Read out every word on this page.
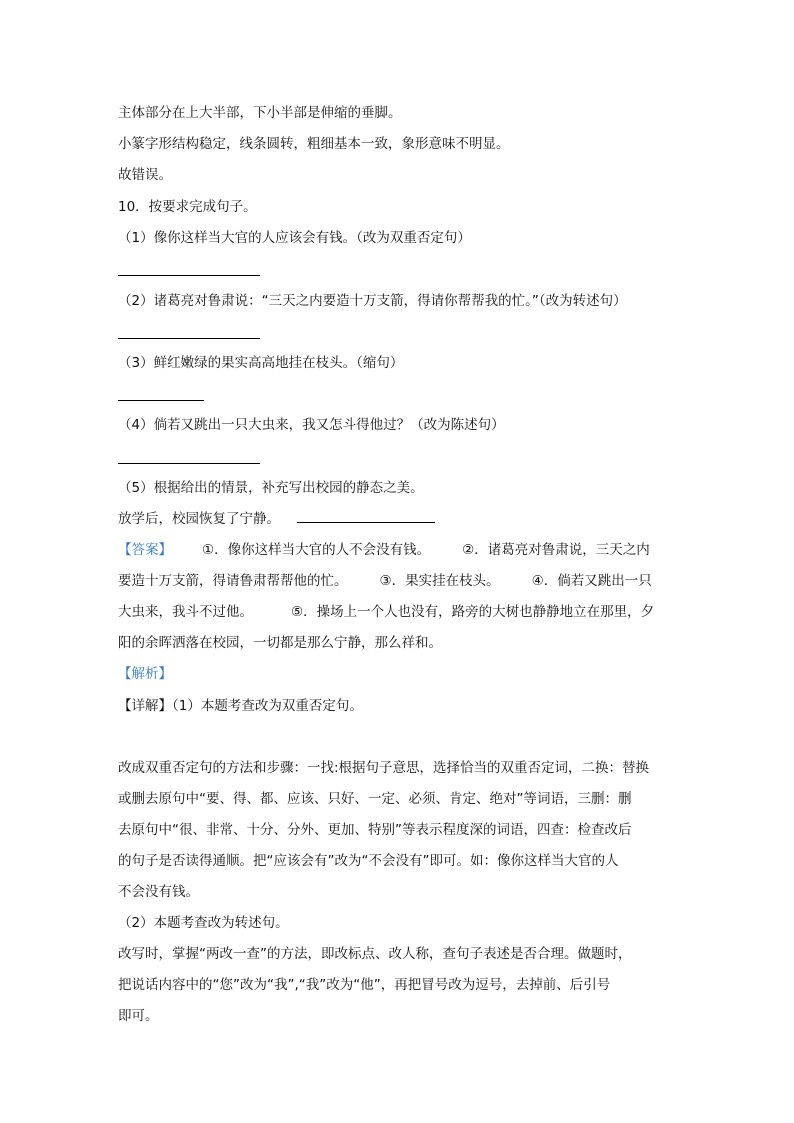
主体部分在上大半部，下小半部是伸缩的垂脚。
小篆字形结构稳定，线条圆转，粗细基本一致，象形意味不明显。
故错误。
10．按要求完成句子。
（1）像你这样当大官的人应该会有钱。（改为双重否定句）
（2）诸葛亮对鲁肃说：“三天之内要造十万支箭，得请你帮帮我的忙。”（改为转述句）
（3）鲜红嫩绿的果实高高地挂在枝头。（缩句）
（4）倘若又跳出一只大虫来，我又怎斗得他过？（改为陈述句）
（5）根据给出的情景，补充写出校园的静态之美。
放学后，校园恢复了宁静。
【答案】 ①．像你这样当大官的人不会没有钱。 ②．诸葛亮对鲁肃说，三天之内
要造十万支箭，得请鲁肃帮帮他的忙。 ③．果实挂在枝头。 ④．倘若又跳出一只
大虫来，我斗不过他。	⑤．操场上一个人也没有，路旁的大树也静静地立在那里，夕
阳的余晖洒落在校园，一切都是那么宁静，那么祥和。
【解析】
【详解】（1）本题考查改为双重否定句。
改成双重否定句的方法和步骤：一找:根据句子意思，选择恰当的双重否定词，二换：替换
或删去原句中“要、得、都、应该、只好、一定、必须、肯定、绝对”等词语，三删：删
去原句中“很、非常、十分、分外、更加、特别”等表示程度深的词语，四查：检查改后
的句子是否读得通顺。把“应该会有”改为“不会没有”即可。如：像你这样当大官的人
不会没有钱。
（2）本题考查改为转述句。
改写时，掌握“两改一查”的方法，即改标点、改人称，查句子表述是否合理。做题时，
把说话内容中的“您”改为“我”,“我”改为“他”，再把冒号改为逗号，去掉前、后引号
即可。
